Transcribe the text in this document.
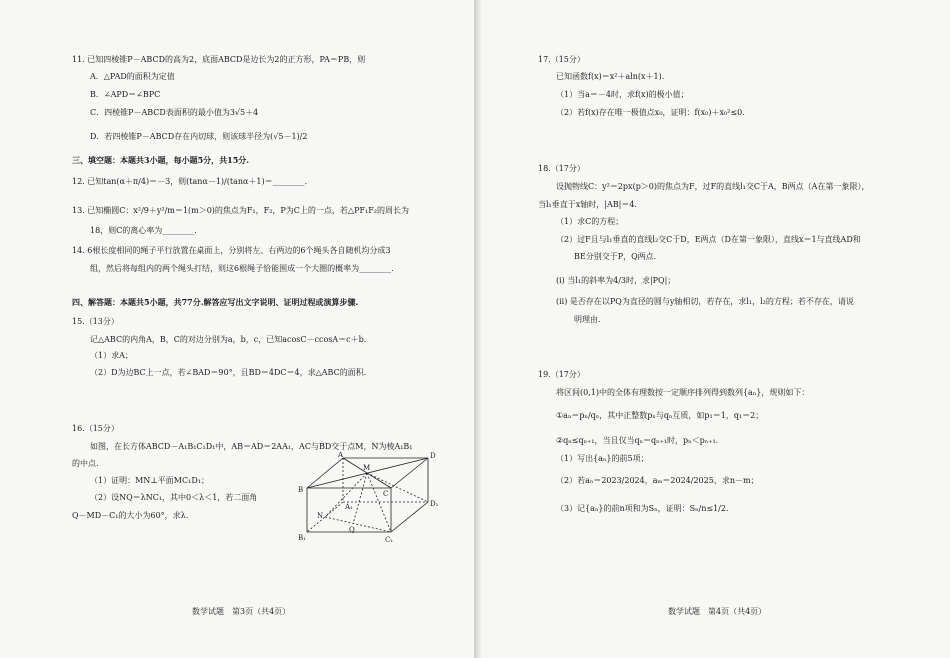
11. 已知四棱锥P－ABCD的高为2，底面ABCD是边长为2的正方形，PA＝PB，则
A．△PAD的面积为定值
B．∠APD＝∠BPC
C．四棱锥P－ABCD表面积的最小值为3√5＋4
D．若四棱锥P－ABCD存在内切球，则该球半径为(√5－1)/2
三、填空题：本题共3小题，每小题5分，共15分.
12. 已知tan(α＋π/4)＝－3，则(tanα－1)/(tanα＋1)＝________.
13. 已知椭圆C：x²/9＋y²/m＝1(m＞0)的焦点为F₁，F₂，P为C上的一点，若△PF₁F₂的周长为
18，则C的离心率为________.
14. 6根长度相同的绳子平行放置在桌面上，分别将左、右两边的6个绳头各自随机均分成3
组，然后将每组内的两个绳头打结，则这6根绳子恰能围成一个大圈的概率为________.
四、解答题：本题共5小题，共77分.解答应写出文字说明、证明过程或演算步骤.
15.（13分）
记△ABC的内角A，B，C的对边分别为a，b，c，已知acosC－ccosA＝c＋b.
（1）求A；
（2）D为边BC上一点，若∠BAD＝90°，且BD＝4DC＝4，求△ABC的面积.
16.（15分）
如图，在长方体ABCD－A₁B₁C₁D₁中，AB＝AD＝2AA₁，AC与BD交于点M，N为棱A₁B₁
的中点.
（1）证明：MN⊥平面MC₁D₁；
（2）设NQ＝λNC₁，其中0＜λ＜1，若二面角
Q－MD－C₁的大小为60°，求λ.
A	D
M
B	C
N
A₁	D₁
Q
B₁	C₁
数学试题　第3页（共4页）
17.（15分）
已知函数f(x)＝x²＋aln(x＋1).
（1）当a＝－4时，求f(x)的极小值；
（2）若f(x)存在唯一极值点x₀，证明：f(x₀)＋x₀²≤0.
18.（17分）
设抛物线C：y²＝2px(p＞0)的焦点为F，过F的直线l₁交C于A，B两点（A在第一象限），
当l₁垂直于x轴时，|AB|＝4.
（1）求C的方程；
（2）过F且与l₁垂直的直线l₂交C于D，E两点（D在第一象限），直线x＝1与直线AD和
BE分别交于P，Q两点.
(i) 当l₁的斜率为4/3时，求|PQ|；
(ii) 是否存在以PQ为直径的圆与y轴相切，若存在，求l₁，l₂的方程；若不存在，请说
明理由.
19.（17分）
将区间(0,1)中的全体有理数按一定顺序排列得到数列{aₙ}，规则如下：
①aₙ＝pₙ/qₙ，其中正整数pₙ与qₙ互质，如p₁＝1，q₁＝2；
②qₙ≤qₙ₊₁，当且仅当qₙ＝qₙ₊₁时，pₙ＜pₙ₊₁.
（1）写出{aₙ}的前5项；
（2）若aₙ＝2023/2024，aₘ＝2024/2025，求n－m；
（3）记{aₙ}的前n项和为Sₙ，证明：Sₙ/n≤1/2.
数学试题　第4页（共4页）
